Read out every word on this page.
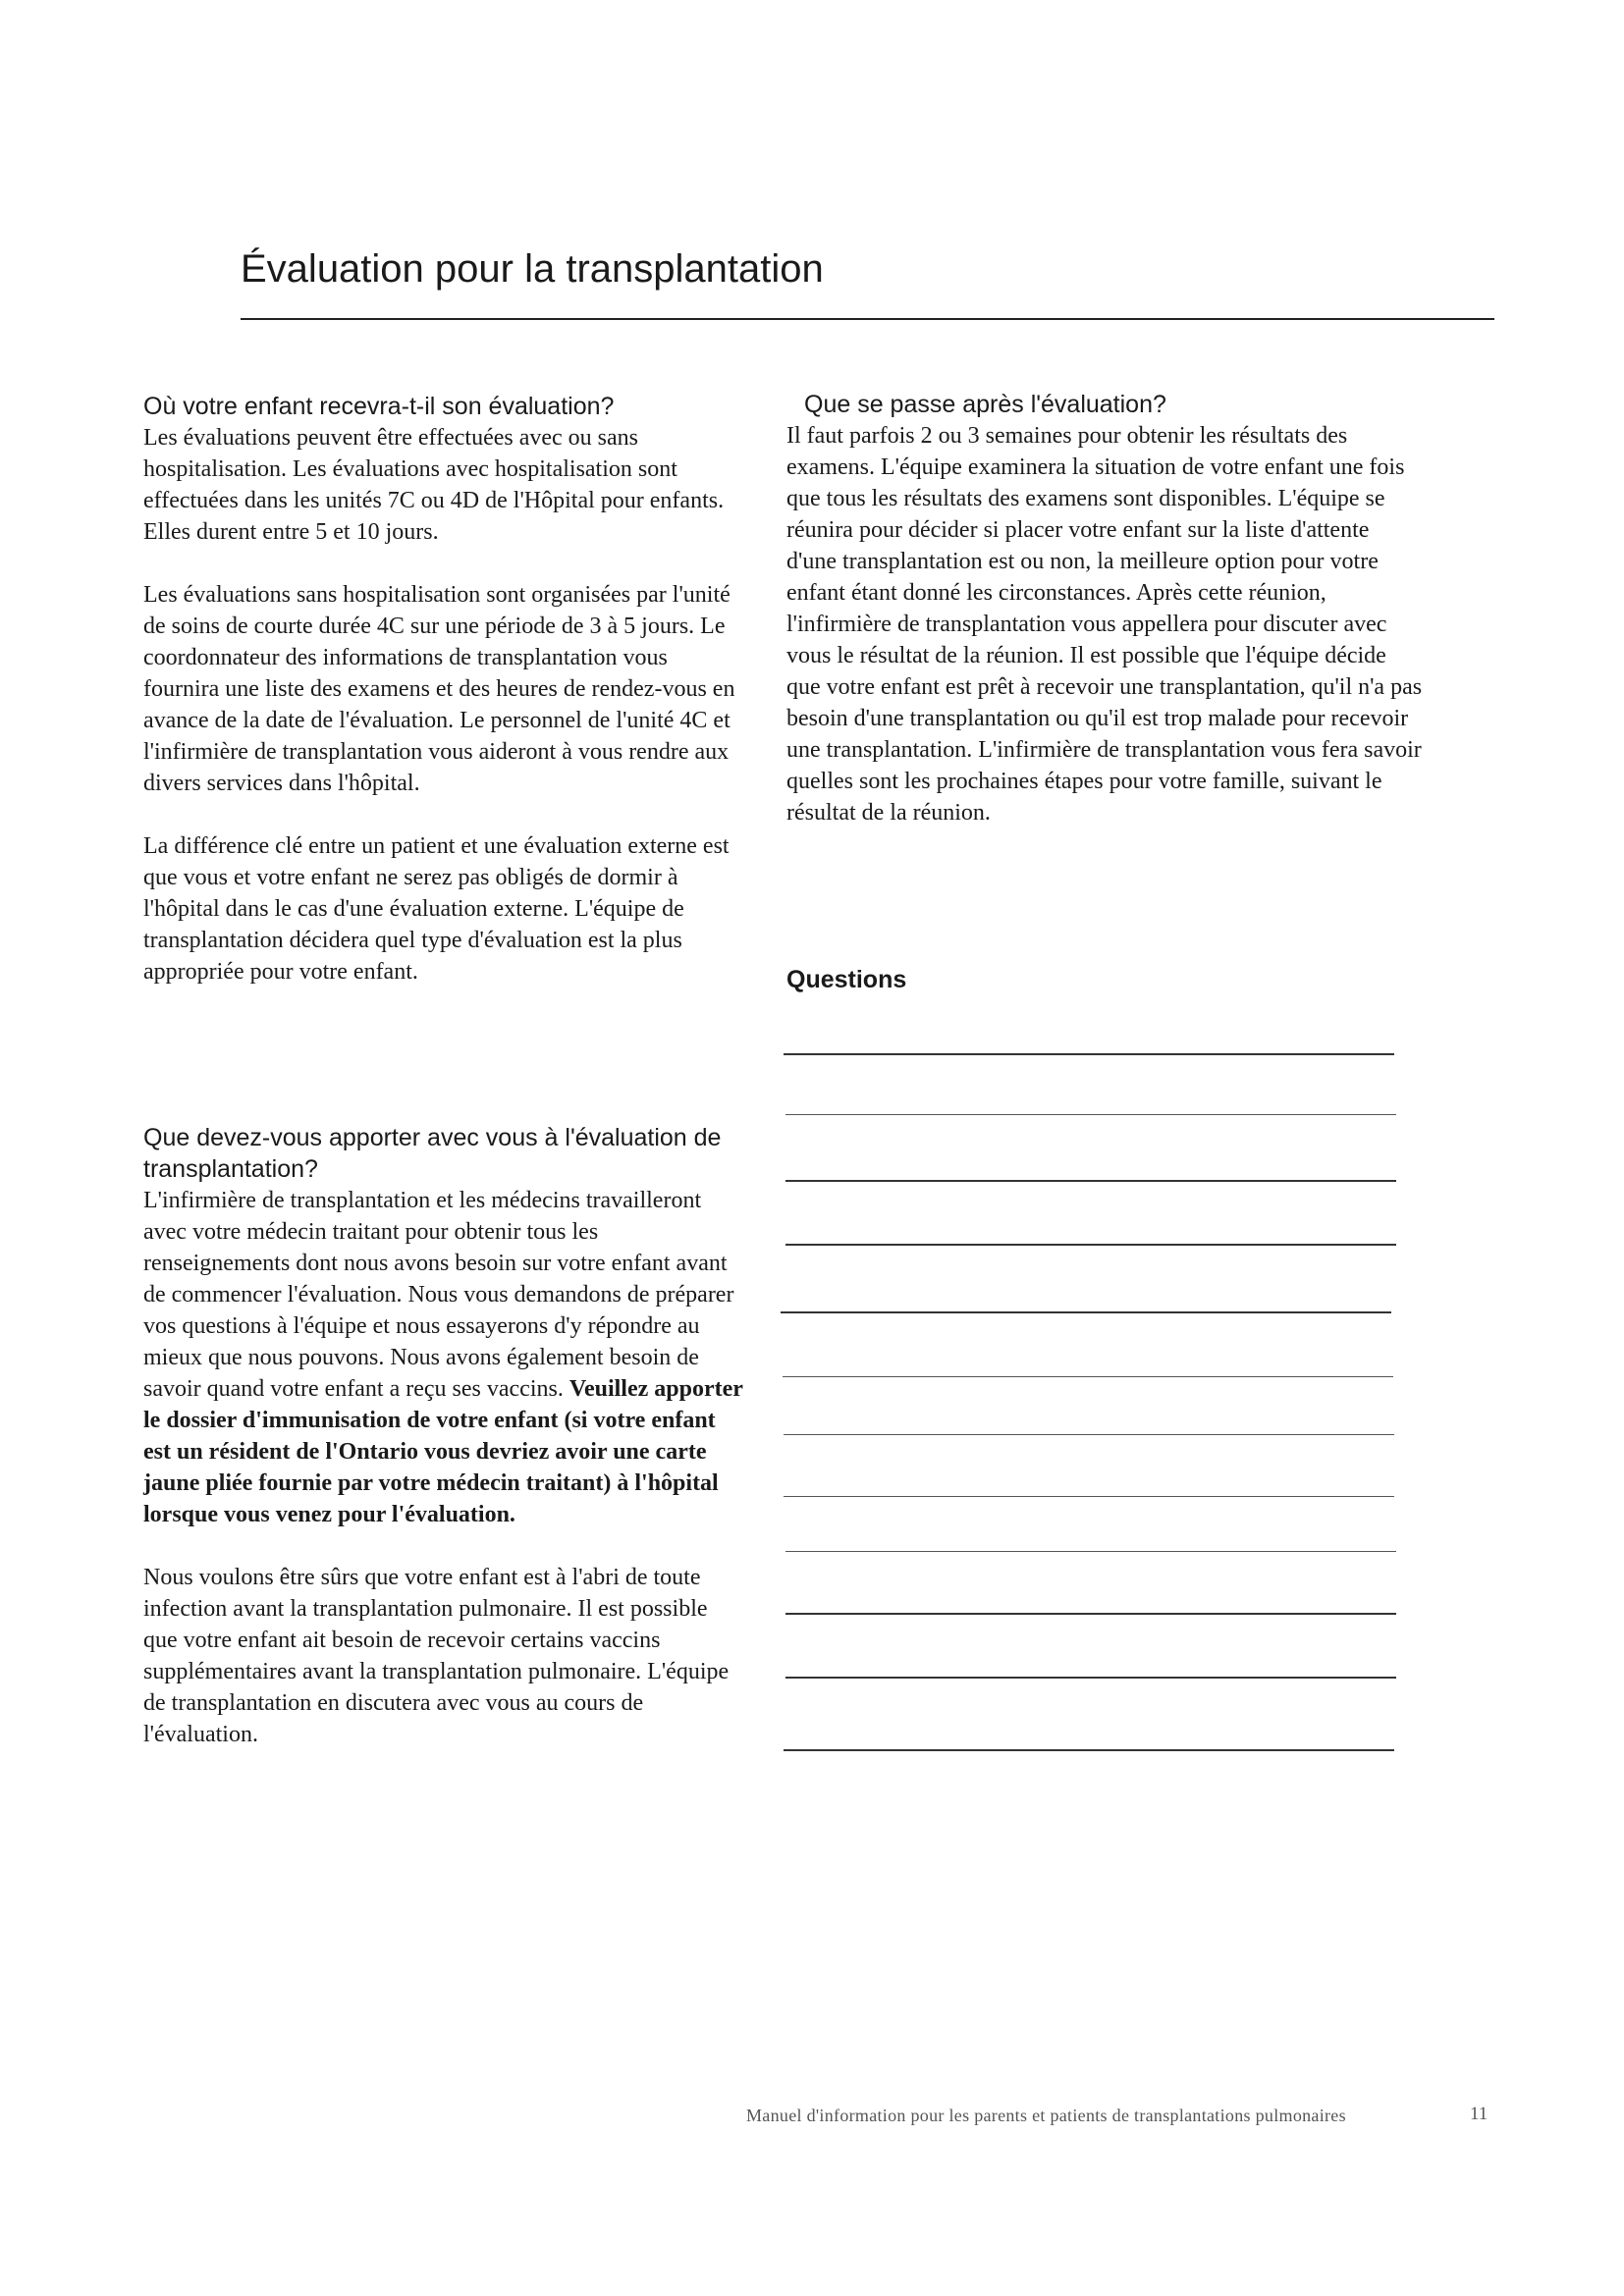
Évaluation pour la transplantation
Où votre enfant recevra-t-il son évaluation?

Les évaluations peuvent être effectuées avec ou sans hospitalisation. Les évaluations avec hospitalisation sont effectuées dans les unités 7C ou 4D de l'Hôpital pour enfants. Elles durent entre 5 et 10 jours.

Les évaluations sans hospitalisation sont organisées par l'unité de soins de courte durée 4C sur une période de 3 à 5 jours. Le coordonnateur des informations de transplantation vous fournira une liste des examens et des heures de rendez-vous en avance de la date de l'évaluation. Le personnel de l'unité 4C et l'infirmière de transplantation vous aideront à vous rendre aux divers services dans l'hôpital.

La différence clé entre un patient et une évaluation externe est que vous et votre enfant ne serez pas obligés de dormir à l'hôpital dans le cas d'une évaluation externe. L'équipe de transplantation décidera quel type d'évaluation est la plus appropriée pour votre enfant.

Que devez-vous apporter avec vous à l'évaluation de transplantation?

L'infirmière de transplantation et les médecins travailleront avec votre médecin traitant pour obtenir tous les renseignements dont nous avons besoin sur votre enfant avant de commencer l'évaluation. Nous vous demandons de préparer vos questions à l'équipe et nous essayerons d'y répondre au mieux que nous pouvons. Nous avons également besoin de savoir quand votre enfant a reçu ses vaccins. Veuillez apporter le dossier d'immunisation de votre enfant (si votre enfant est un résident de l'Ontario vous devriez avoir une carte jaune pliée fournie par votre médecin traitant) à l'hôpital lorsque vous venez pour l'évaluation.

Nous voulons être sûrs que votre enfant est à l'abri de toute infection avant la transplantation pulmonaire. Il est possible que votre enfant ait besoin de recevoir certains vaccins supplémentaires avant la transplantation pulmonaire. L'équipe de transplantation en discutera avec vous au cours de l'évaluation.

Que se passe après l'évaluation?

Il faut parfois 2 ou 3 semaines pour obtenir les résultats des examens. L'équipe examinera la situation de votre enfant une fois que tous les résultats des examens sont disponibles. L'équipe se réunira pour décider si placer votre enfant sur la liste d'attente d'une transplantation est ou non, la meilleure option pour votre enfant étant donné les circonstances. Après cette réunion, l'infirmière de transplantation vous appellera pour discuter avec vous le résultat de la réunion. Il est possible que l'équipe décide que votre enfant est prêt à recevoir une transplantation, qu'il n'a pas besoin d'une transplantation ou qu'il est trop malade pour recevoir une transplantation. L'infirmière de transplantation vous fera savoir quelles sont les prochaines étapes pour votre famille, suivant le résultat de la réunion.

Questions
Manuel d'information pour les parents et patients de transplantations pulmonaires	11
